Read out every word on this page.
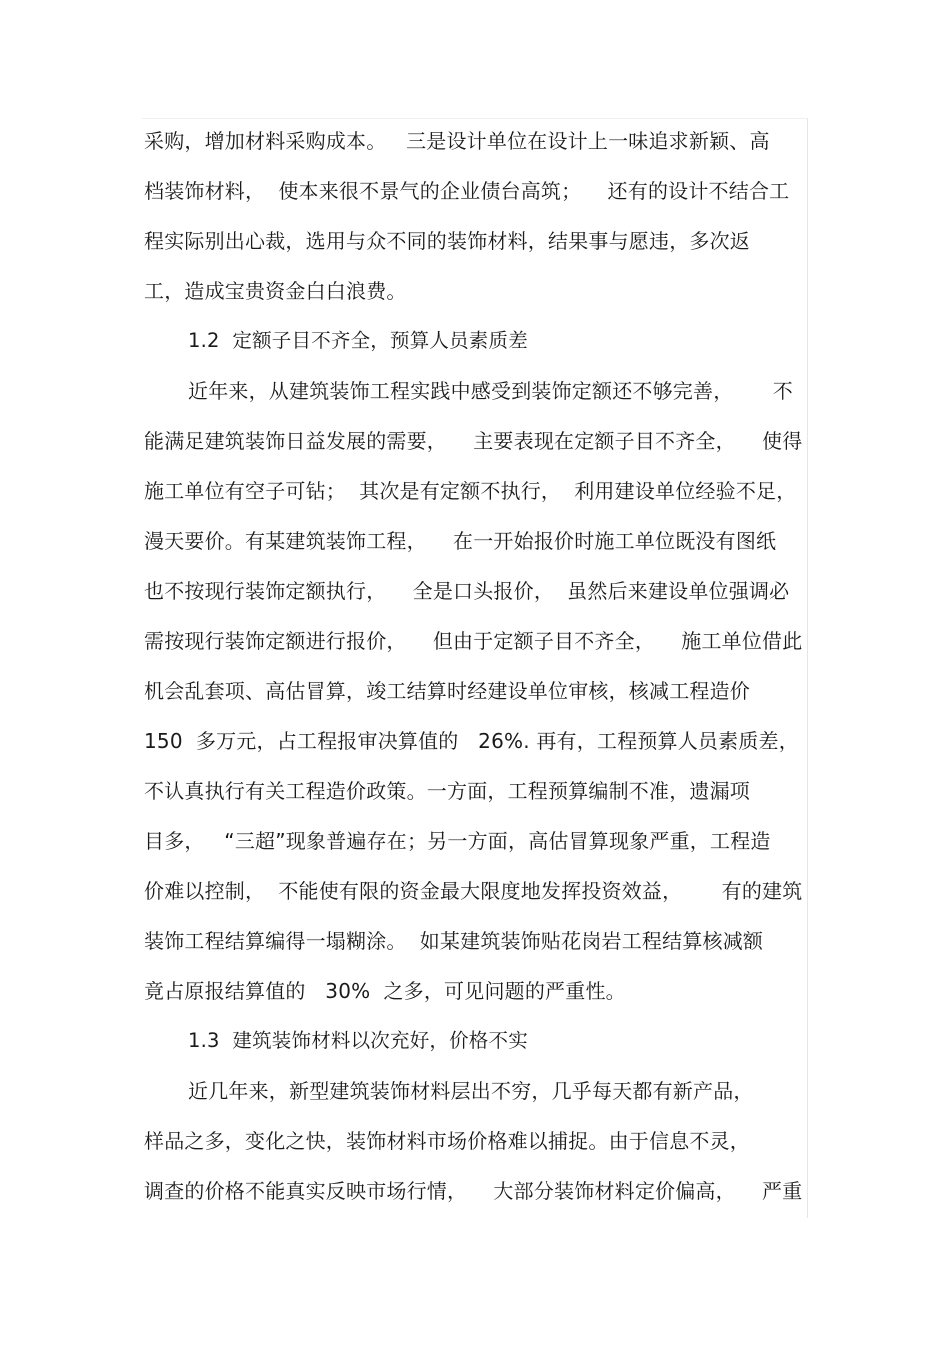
采购，增加材料采购成本。   三是设计单位在设计上一味追求新颖、高
档装饰材料，  使本来很不景气的企业债台高筑；    还有的设计不结合工
程实际别出心裁，选用与众不同的装饰材料，结果事与愿违，多次返
工，造成宝贵资金白白浪费。
1.2  定额子目不齐全，预算人员素质差
近年来，从建筑装饰工程实践中感受到装饰定额还不够完善，      不
能满足建筑装饰日益发展的需要，    主要表现在定额子目不齐全，    使得
施工单位有空子可钻；  其次是有定额不执行，  利用建设单位经验不足，
漫天要价。有某建筑装饰工程，    在一开始报价时施工单位既没有图纸
也不按现行装饰定额执行，    全是口头报价，  虽然后来建设单位强调必
需按现行装饰定额进行报价，    但由于定额子目不齐全，    施工单位借此
机会乱套项、高估冒算，竣工结算时经建设单位审核，核减工程造价
150  多万元，占工程报审决算值的   26%. 再有，工程预算人员素质差，
不认真执行有关工程造价政策。一方面，工程预算编制不准，遗漏项
目多，   “三超”现象普遍存在；另一方面，高估冒算现象严重，工程造
价难以控制，  不能使有限的资金最大限度地发挥投资效益，      有的建筑
装饰工程结算编得一塌糊涂。  如某建筑装饰贴花岗岩工程结算核减额
竟占原报结算值的   30%  之多，可见问题的严重性。
1.3  建筑装饰材料以次充好，价格不实
近几年来，新型建筑装饰材料层出不穷，几乎每天都有新产品，
样品之多，变化之快，装饰材料市场价格难以捕捉。由于信息不灵，
调查的价格不能真实反映市场行情，    大部分装饰材料定价偏高，    严重
